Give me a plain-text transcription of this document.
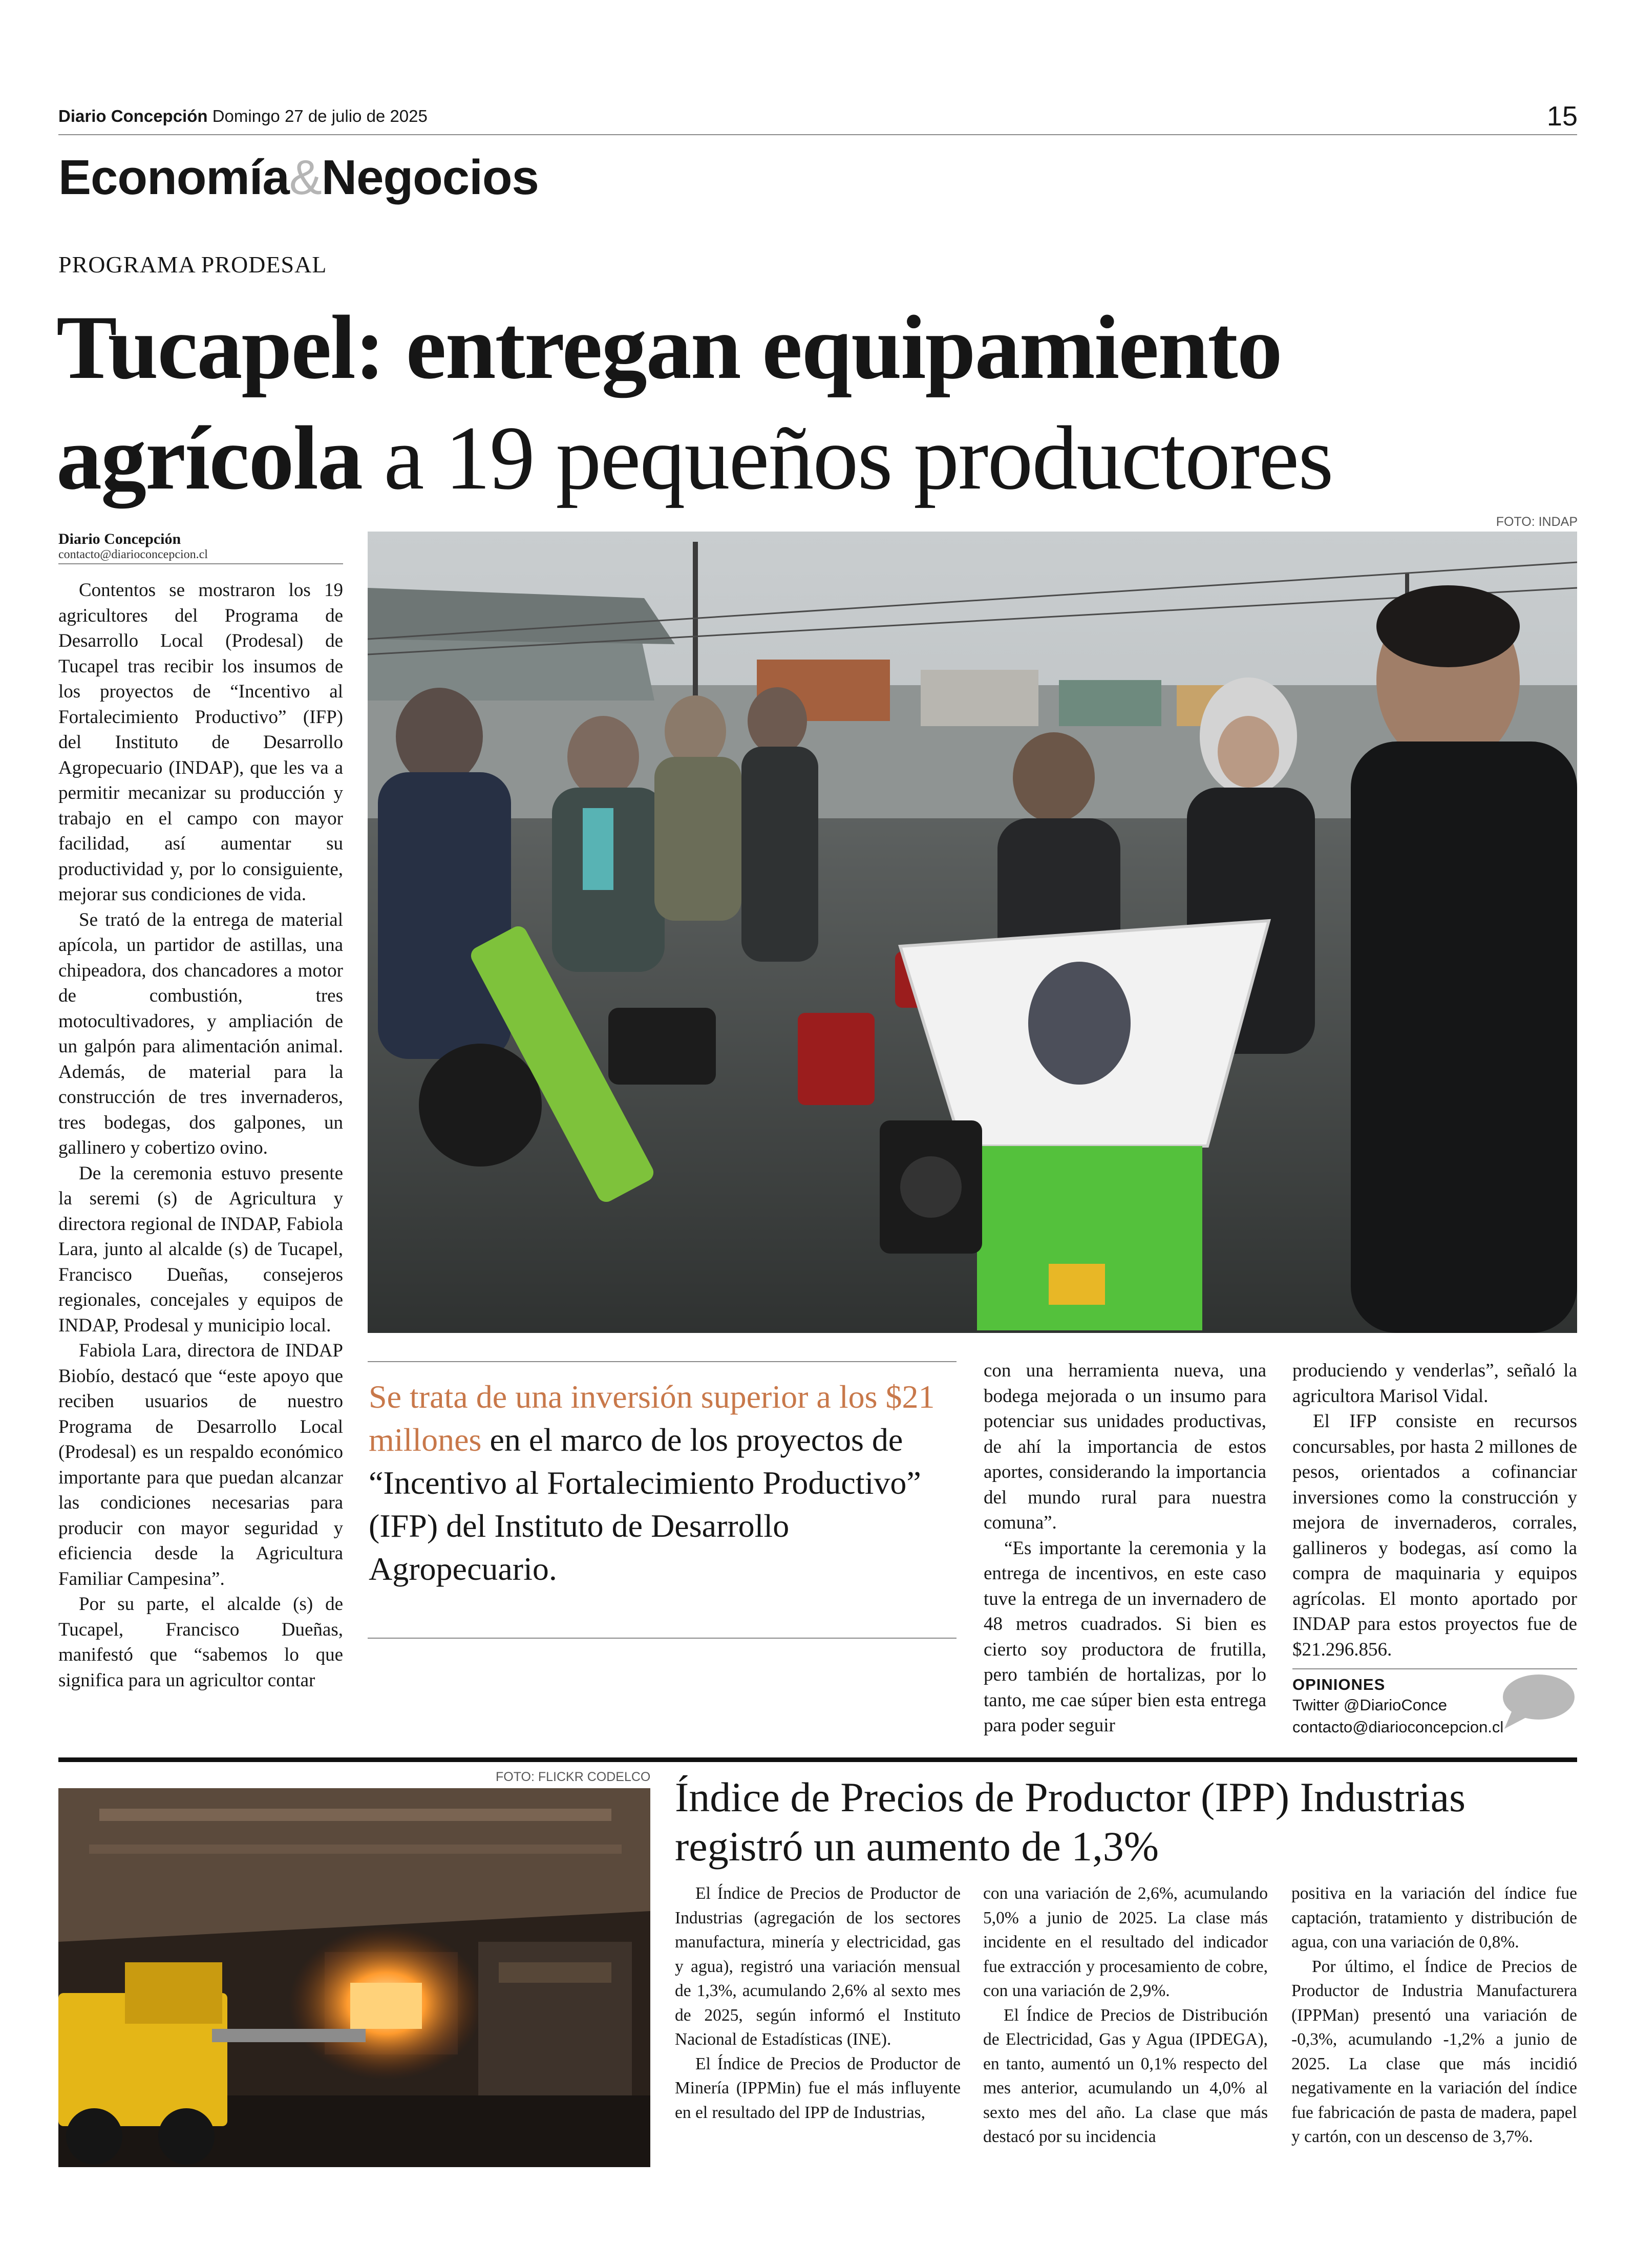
Diario Concepción Domingo 27 de julio de 2025	15
Economía&Negocios
PROGRAMA PRODESAL
Tucapel: entregan equipamiento agrícola a 19 pequeños productores
Diario Concepción
contacto@diarioconcepcion.cl
FOTO: INDAP

Contentos se mostraron los 19 agricultores del Programa de Desarrollo Local (Prodesal) de Tucapel tras recibir los insumos de los proyectos de “Incentivo al Fortalecimiento Productivo” (IFP) del Instituto de Desarrollo Agropecuario (INDAP), que les va a permitir mecanizar su producción y trabajo en el campo con mayor facilidad, así aumentar su productividad y, por lo consiguiente, mejorar sus condiciones de vida.

Se trató de la entrega de material apícola, un partidor de astillas, una chipeadora, dos chancadores a motor de combustión, tres motocultivadores, y ampliación de un galpón para alimentación animal. Además, de material para la construcción de tres invernaderos, tres bodegas, dos galpones, un gallinero y cobertizo ovino.

De la ceremonia estuvo presente la seremi (s) de Agricultura y directora regional de INDAP, Fabiola Lara, junto al alcalde (s) de Tucapel, Francisco Dueñas, consejeros regionales, concejales y equipos de INDAP, Prodesal y municipio local.

Fabiola Lara, directora de INDAP Biobío, destacó que “este apoyo que reciben usuarios de nuestro Programa de Desarrollo Local (Prodesal) es un respaldo económico importante para que puedan alcanzar las condiciones necesarias para producir con mayor seguridad y eficiencia desde la Agricultura Familiar Campesina”.

Por su parte, el alcalde (s) de Tucapel, Francisco Dueñas, manifestó que “sabemos lo que significa para un agricultor contar

Se trata de una inversión superior a los $21 millones en el marco de los proyectos de “Incentivo al Fortalecimiento Productivo” (IFP) del Instituto de Desarrollo Agropecuario.

con una herramienta nueva, una bodega mejorada o un insumo para potenciar sus unidades productivas, de ahí la importancia de estos aportes, considerando la importancia del mundo rural para nuestra comuna”.

“Es importante la ceremonia y la entrega de incentivos, en este caso tuve la entrega de un invernadero de 48 metros cuadrados. Si bien es cierto soy productora de frutilla, pero también de hortalizas, por lo tanto, me cae súper bien esta entrega para poder seguir

produciendo y venderlas”, señaló la agricultora Marisol Vidal.

El IFP consiste en recursos concursables, por hasta 2 millones de pesos, orientados a cofinanciar inversiones como la construcción y mejora de invernaderos, corrales, gallineros y bodegas, así como la compra de maquinaria y equipos agrícolas. El monto aportado por INDAP para estos proyectos fue de $21.296.856.

OPINIONES
Twitter @DiarioConce
contacto@diarioconcepcion.cl
FOTO: FLICKR CODELCO Índice de Precios de Productor (IPP) Industrias registró un aumento de 1,3%

El Índice de Precios de Productor de Industrias (agregación de los sectores manufactura, minería y electricidad, gas y agua), registró una variación mensual de 1,3%, acumulando 2,6% al sexto mes de 2025, según informó el Instituto Nacional de Estadísticas (INE).

El Índice de Precios de Productor de Minería (IPPMin) fue el más influyente en el resultado del IPP de Industrias,

con una variación de 2,6%, acumulando 5,0% a junio de 2025. La clase más incidente en el resultado del indicador fue extracción y procesamiento de cobre, con una variación de 2,9%.

El Índice de Precios de Distribución de Electricidad, Gas y Agua (IPDEGA), en tanto, aumentó un 0,1% respecto del mes anterior, acumulando un 4,0% al sexto mes del año. La clase que más destacó por su incidencia

positiva en la variación del índice fue captación, tratamiento y distribución de agua, con una variación de 0,8%.

Por último, el Índice de Precios de Productor de Industria Manufacturera (IPPMan) presentó una variación de -0,3%, acumulando -1,2% a junio de 2025. La clase que más incidió negativamente en la variación del índice fue fabricación de pasta de madera, papel y cartón, con un descenso de 3,7%.
